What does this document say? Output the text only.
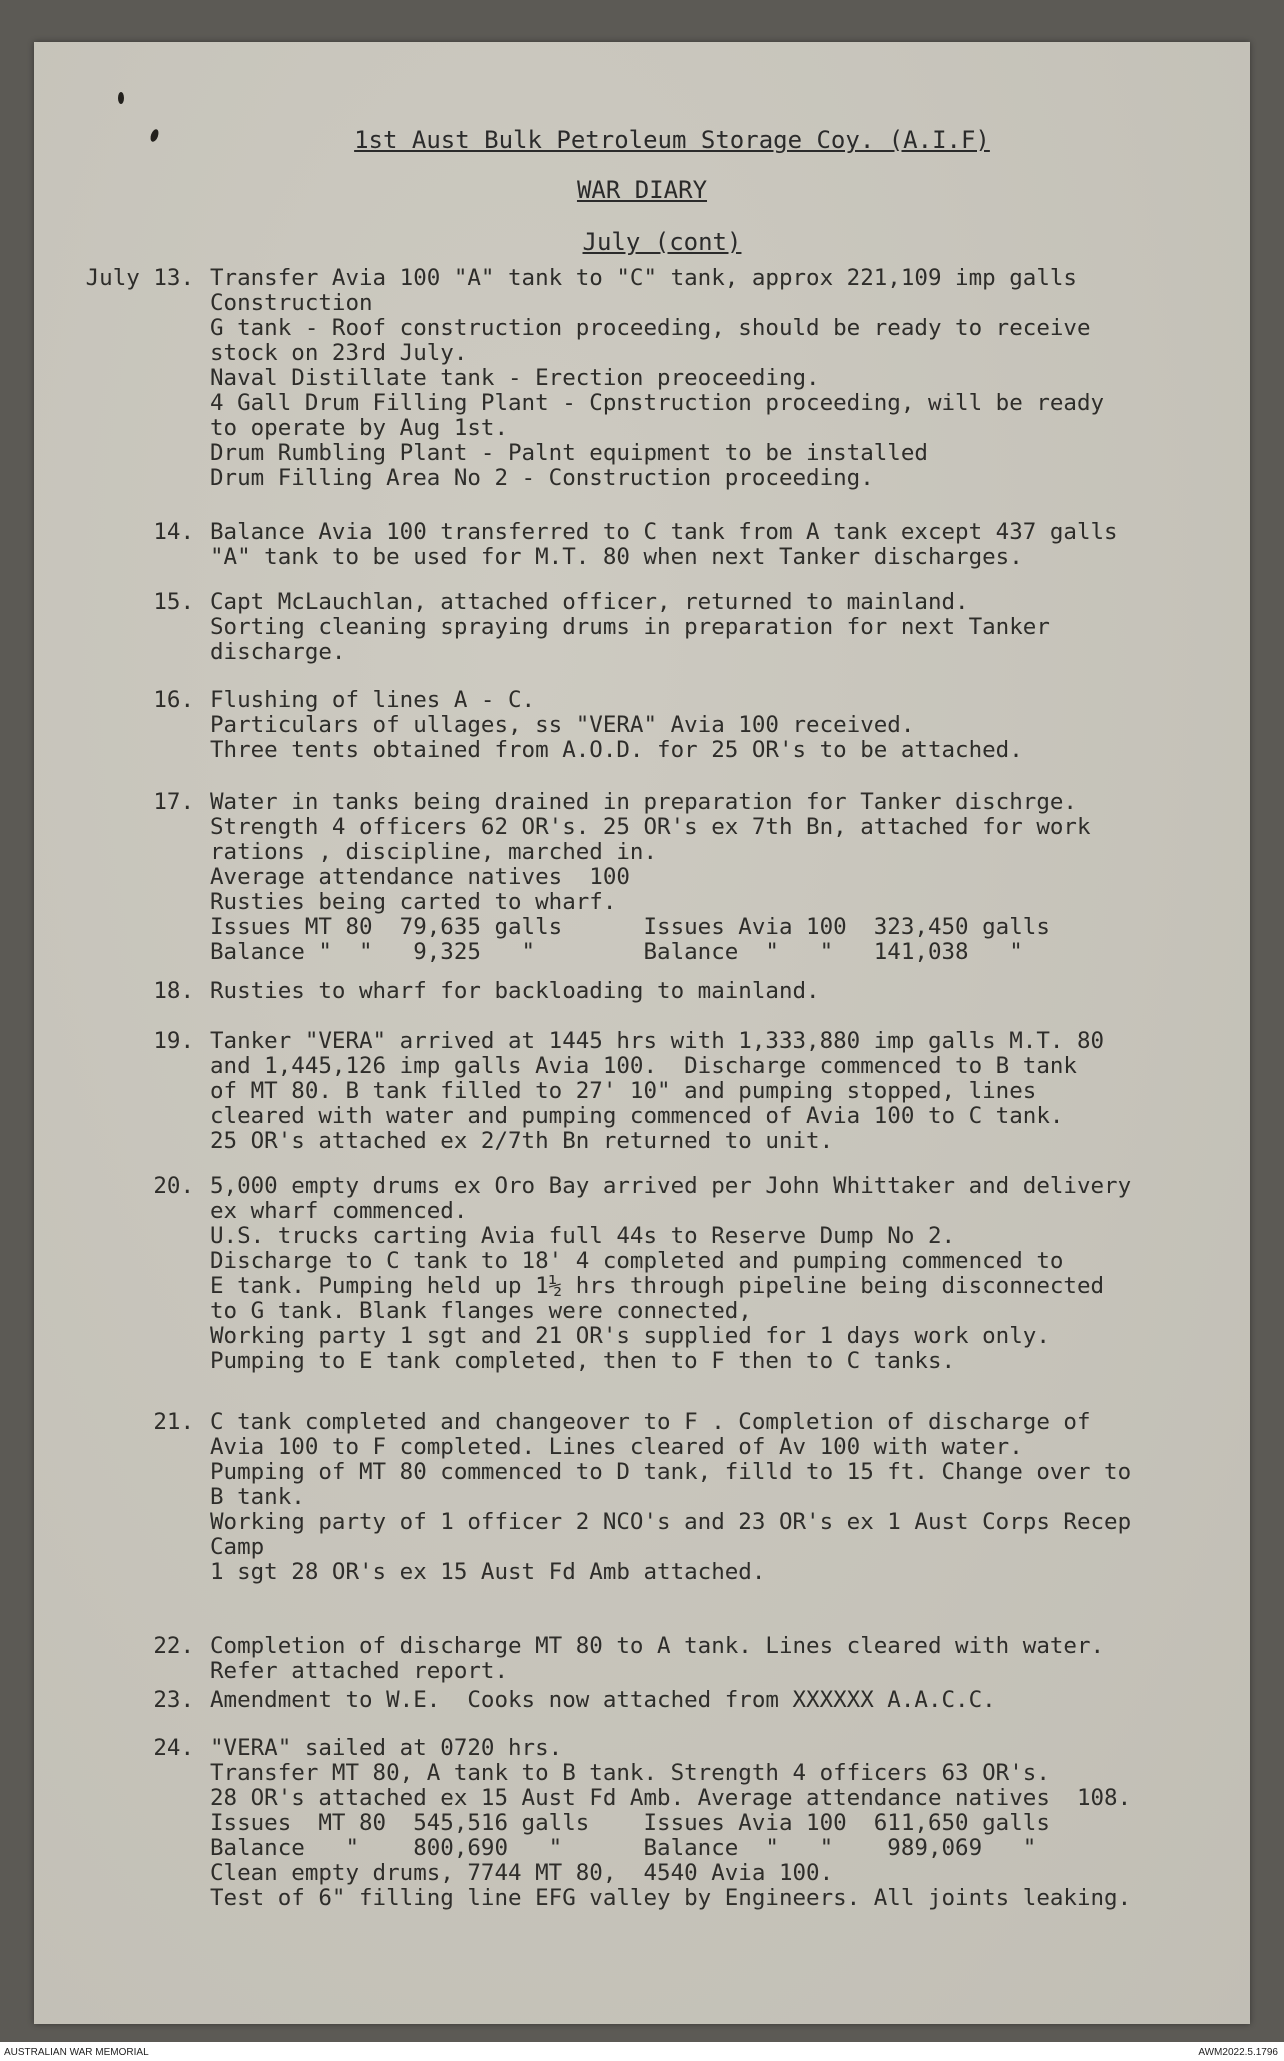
1st Aust Bulk Petroleum Storage Coy. (A.I.F)
WAR DIARY
July (cont)
July 13. Transfer Avia 100 "A" tank to "C" tank, approx 221,109 imp galls
Construction
G tank - Roof construction proceeding, should be ready to receive
stock on 23rd July.
Naval Distillate tank - Erection preoceeding.
4 Gall Drum Filling Plant - Cpnstruction proceeding, will be ready
to operate by Aug 1st.
Drum Rumbling Plant - Palnt equipment to be installed
Drum Filling Area No 2 - Construction proceeding.
14. Balance Avia 100 transferred to C tank from A tank except 437 galls
"A" tank to be used for M.T. 80 when next Tanker discharges.
15. Capt McLauchlan, attached officer, returned to mainland.
Sorting cleaning spraying drums in preparation for next Tanker
discharge.
16. Flushing of lines A - C.
Particulars of ullages, ss "VERA" Avia 100 received.
Three tents obtained from A.O.D. for 25 OR's to be attached.
17. Water in tanks being drained in preparation for Tanker dischrge.
Strength 4 officers 62 OR's. 25 OR's ex 7th Bn, attached for work
rations , discipline, marched in.
Average attendance natives  100
Rusties being carted to wharf.
Issues MT 80  79,635 galls      Issues Avia 100  323,450 galls
Balance "  "   9,325   "        Balance  "   "   141,038   "
18. Rusties to wharf for backloading to mainland.
19. Tanker "VERA" arrived at 1445 hrs with 1,333,880 imp galls M.T. 80
and 1,445,126 imp galls Avia 100.  Discharge commenced to B tank
of MT 80. B tank filled to 27' 10" and pumping stopped, lines
cleared with water and pumping commenced of Avia 100 to C tank.
25 OR's attached ex 2/7th Bn returned to unit.
20. 5,000 empty drums ex Oro Bay arrived per John Whittaker and delivery
ex wharf commenced.
U.S. trucks carting Avia full 44s to Reserve Dump No 2.
Discharge to C tank to 18' 4 completed and pumping commenced to
E tank. Pumping held up 1½ hrs through pipeline being disconnected
to G tank. Blank flanges were connected,
Working party 1 sgt and 21 OR's supplied for 1 days work only.
Pumping to E tank completed, then to F then to C tanks.
21. C tank completed and changeover to F . Completion of discharge of
Avia 100 to F completed. Lines cleared of Av 100 with water.
Pumping of MT 80 commenced to D tank, filld to 15 ft. Change over to
B tank.
Working party of 1 officer 2 NCO's and 23 OR's ex 1 Aust Corps Recep
Camp
1 sgt 28 OR's ex 15 Aust Fd Amb attached.
22. Completion of discharge MT 80 to A tank. Lines cleared with water.
Refer attached report.
23. Amendment to W.E.  Cooks now attached from XXXXXX A.A.C.C.
24. "VERA" sailed at 0720 hrs.
Transfer MT 80, A tank to B tank. Strength 4 officers 63 OR's.
28 OR's attached ex 15 Aust Fd Amb. Average attendance natives  108.
Issues  MT 80  545,516 galls    Issues Avia 100  611,650 galls
Balance   "    800,690   "      Balance  "   "    989,069   "
Clean empty drums, 7744 MT 80,  4540 Avia 100.
Test of 6" filling line EFG valley by Engineers. All joints leaking.
AUSTRALIAN WAR MEMORIAL	AWM2022.5.1796
